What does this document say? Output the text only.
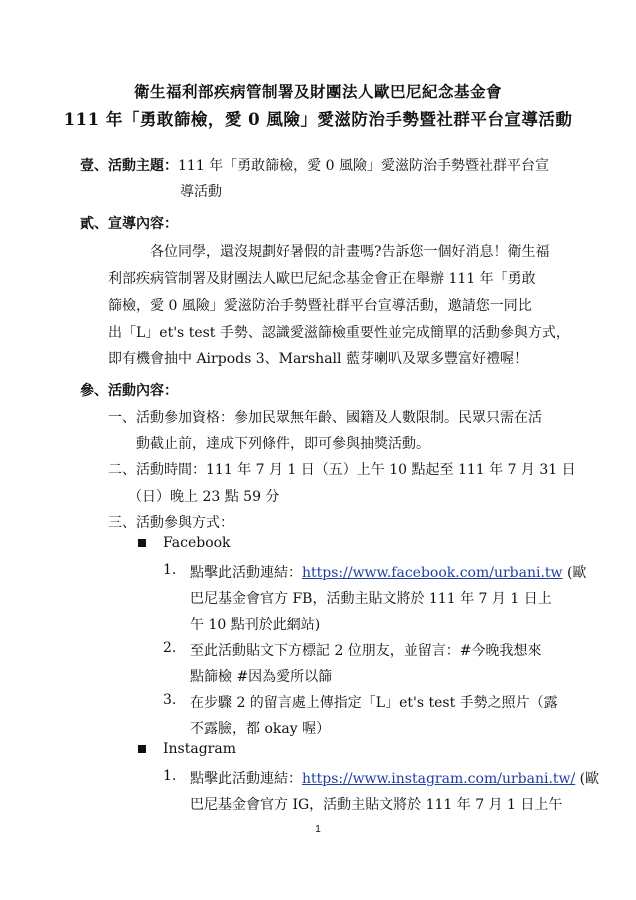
衛生福利部疾病管制署及財團法人歐巴尼紀念基金會
111 年「勇敢篩檢，愛 0 風險」愛滋防治手勢暨社群平台宣導活動
壹、活動主題：111 年「勇敢篩檢，愛 0 風險」愛滋防治手勢暨社群平台宣
導活動
貳、宣導內容：
各位同學，還沒規劃好暑假的計畫嗎?告訴您一個好消息！衛生福
利部疾病管制署及財團法人歐巴尼紀念基金會正在舉辦 111 年「勇敢
篩檢，愛 0 風險」愛滋防治手勢暨社群平台宣導活動，邀請您一同比
出「L」et's test 手勢、認識愛滋篩檢重要性並完成簡單的活動參與方式，
即有機會抽中 Airpods 3、Marshall 藍芽喇叭及眾多豐富好禮喔！
參、活動內容：
一、活動參加資格：參加民眾無年齡、國籍及人數限制。民眾只需在活
動截止前，達成下列條件，即可參與抽獎活動。
二、活動時間：111 年 7 月 1 日（五）上午 10 點起至 111 年 7 月 31 日
（日）晚上 23 點 59 分
三、活動參與方式：
Facebook
1. 點擊此活動連結：https://www.facebook.com/urbani.tw (歐
巴尼基金會官方 FB，活動主貼文將於 111 年 7 月 1 日上
午 10 點刊於此網站)
2. 至此活動貼文下方標記 2 位朋友，並留言：#今晚我想來
點篩檢 #因為愛所以篩
3. 在步驟 2 的留言處上傳指定「L」et's test 手勢之照片（露
不露臉，都 okay 喔）
Instagram
1. 點擊此活動連結：https://www.instagram.com/urbani.tw/ (歐
巴尼基金會官方 IG，活動主貼文將於 111 年 7 月 1 日上午
1
